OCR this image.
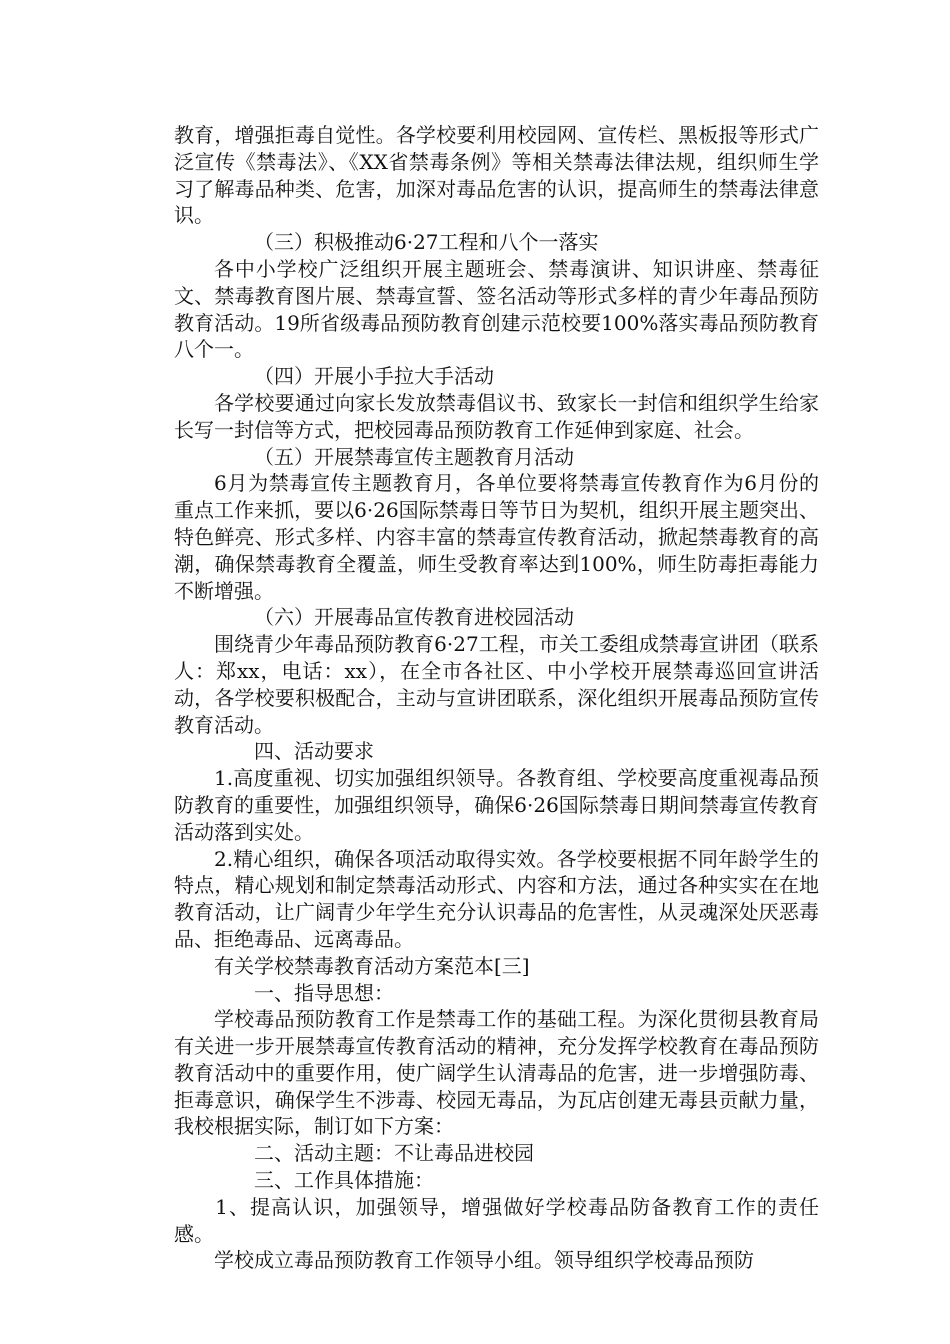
教育，增强拒毒自觉性。各学校要利用校园网、宣传栏、黑板报等形式广泛宣传《禁毒法》、《XX省禁毒条例》等相关禁毒法律法规，组织师生学习了解毒品种类、危害，加深对毒品危害的认识，提高师生的禁毒法律意识。

（三）积极推动6·27工程和八个一落实

各中小学校广泛组织开展主题班会、禁毒演讲、知识讲座、禁毒征文、禁毒教育图片展、禁毒宣誓、签名活动等形式多样的青少年毒品预防教育活动。19所省级毒品预防教育创建示范校要100%落实毒品预防教育八个一。

（四）开展小手拉大手活动

各学校要通过向家长发放禁毒倡议书、致家长一封信和组织学生给家长写一封信等方式，把校园毒品预防教育工作延伸到家庭、社会。

（五）开展禁毒宣传主题教育月活动

6月为禁毒宣传主题教育月，各单位要将禁毒宣传教育作为6月份的重点工作来抓，要以6·26国际禁毒日等节日为契机，组织开展主题突出、特色鲜亮、形式多样、内容丰富的禁毒宣传教育活动，掀起禁毒教育的高潮，确保禁毒教育全覆盖，师生受教育率达到100%，师生防毒拒毒能力不断增强。

（六）开展毒品宣传教育进校园活动

围绕青少年毒品预防教育6·27工程，市关工委组成禁毒宣讲团（联系人：郑xx，电话：xx），在全市各社区、中小学校开展禁毒巡回宣讲活动，各学校要积极配合，主动与宣讲团联系，深化组织开展毒品预防宣传教育活动。

四、活动要求

1.高度重视、切实加强组织领导。各教育组、学校要高度重视毒品预防教育的重要性，加强组织领导，确保6·26国际禁毒日期间禁毒宣传教育活动落到实处。

2.精心组织，确保各项活动取得实效。各学校要根据不同年龄学生的特点，精心规划和制定禁毒活动形式、内容和方法，通过各种实实在在地教育活动，让广阔青少年学生充分认识毒品的危害性，从灵魂深处厌恶毒品、拒绝毒品、远离毒品。

有关学校禁毒教育活动方案范本[三]

一、指导思想：

学校毒品预防教育工作是禁毒工作的基础工程。为深化贯彻县教育局有关进一步开展禁毒宣传教育活动的精神，充分发挥学校教育在毒品预防教育活动中的重要作用，使广阔学生认清毒品的危害，进一步增强防毒、拒毒意识，确保学生不涉毒、校园无毒品，为瓦店创建无毒县贡献力量，我校根据实际，制订如下方案：

二、活动主题：不让毒品进校园

三、工作具体措施：

　1、提高认识，加强领导，增强做好学校毒品防备教育工作的责任感。

学校成立毒品预防教育工作领导小组。领导组织学校毒品预防
